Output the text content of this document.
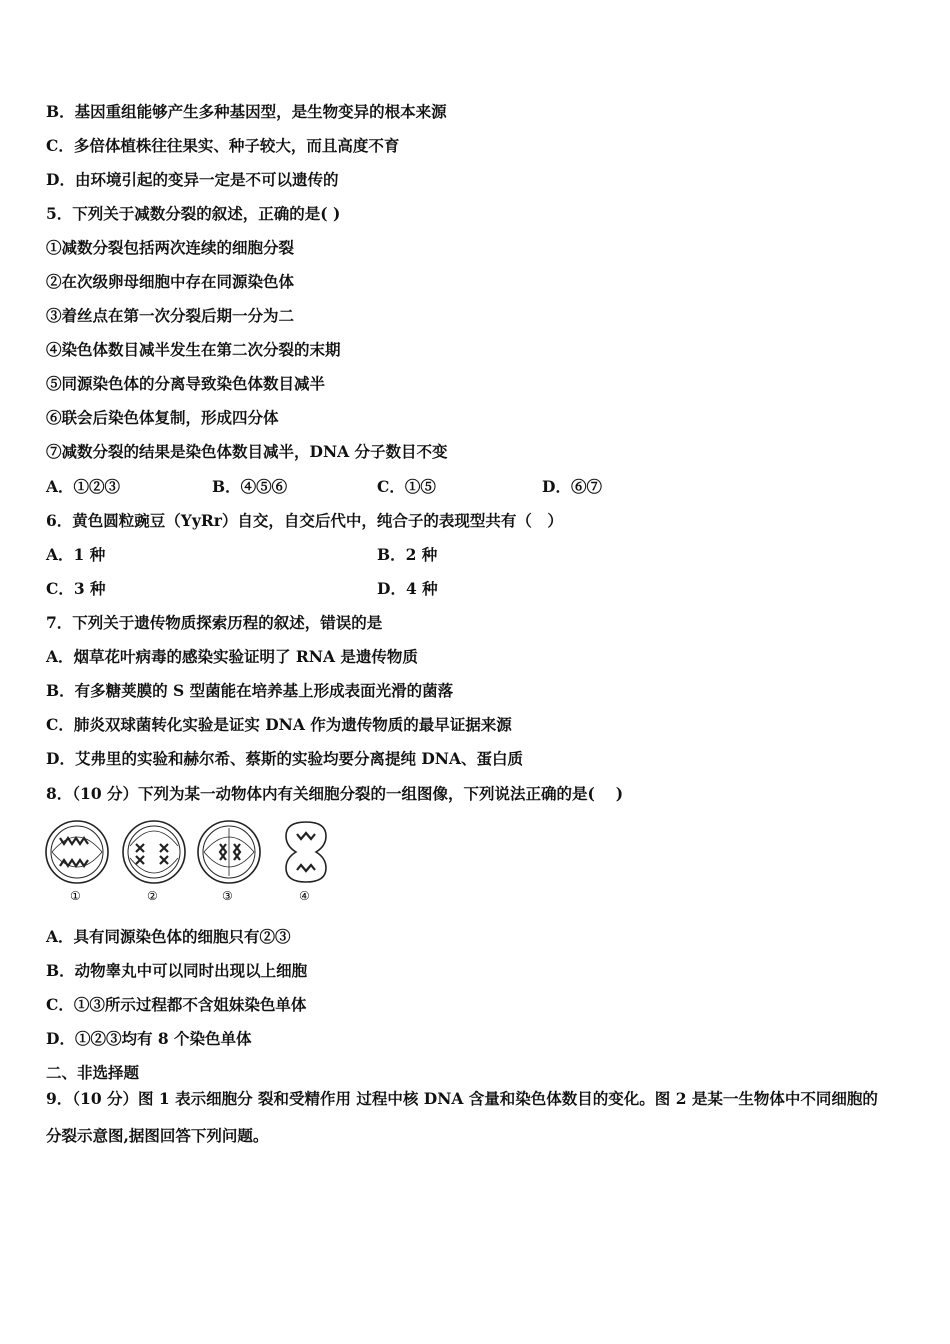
B．基因重组能够产生多种基因型，是生物变异的根本来源
C．多倍体植株往往果实、种子较大，而且高度不育
D．由环境引起的变异一定是不可以遗传的
5．下列关于减数分裂的叙述，正确的是( )
①减数分裂包括两次连续的细胞分裂
②在次级卵母细胞中存在同源染色体
③着丝点在第一次分裂后期一分为二
④染色体数目减半发生在第二次分裂的末期
⑤同源染色体的分离导致染色体数目减半
⑥联会后染色体复制，形成四分体
⑦减数分裂的结果是染色体数目减半，DNA 分子数目不变
A．①②③	B．④⑤⑥	C．①⑤	D．⑥⑦
6．黄色圆粒豌豆（YyRr）自交，自交后代中，纯合子的表现型共有（　）
A．1 种	B．2 种
C．3 种	D．4 种
7．下列关于遗传物质探索历程的叙述，错误的是
A．烟草花叶病毒的感染实验证明了 RNA 是遗传物质
B．有多糖荚膜的 S 型菌能在培养基上形成表面光滑的菌落
C．肺炎双球菌转化实验是证实 DNA 作为遗传物质的最早证据来源
D．艾弗里的实验和赫尔希、蔡斯的实验均要分离提纯 DNA、蛋白质
8．（10 分）下列为某一动物体内有关细胞分裂的一组图像，下列说法正确的是(　 )
①	②	③	④
A．具有同源染色体的细胞只有②③
B．动物睾丸中可以同时出现以上细胞
C．①③所示过程都不含姐妹染色单体
D．①②③均有 8 个染色单体
二、非选择题
9．（10 分）图 1 表示细胞分 裂和受精作用 过程中核 DNA 含量和染色体数目的变化。图 2 是某一生物体中不同细胞的
分裂示意图,据图回答下列问题。
